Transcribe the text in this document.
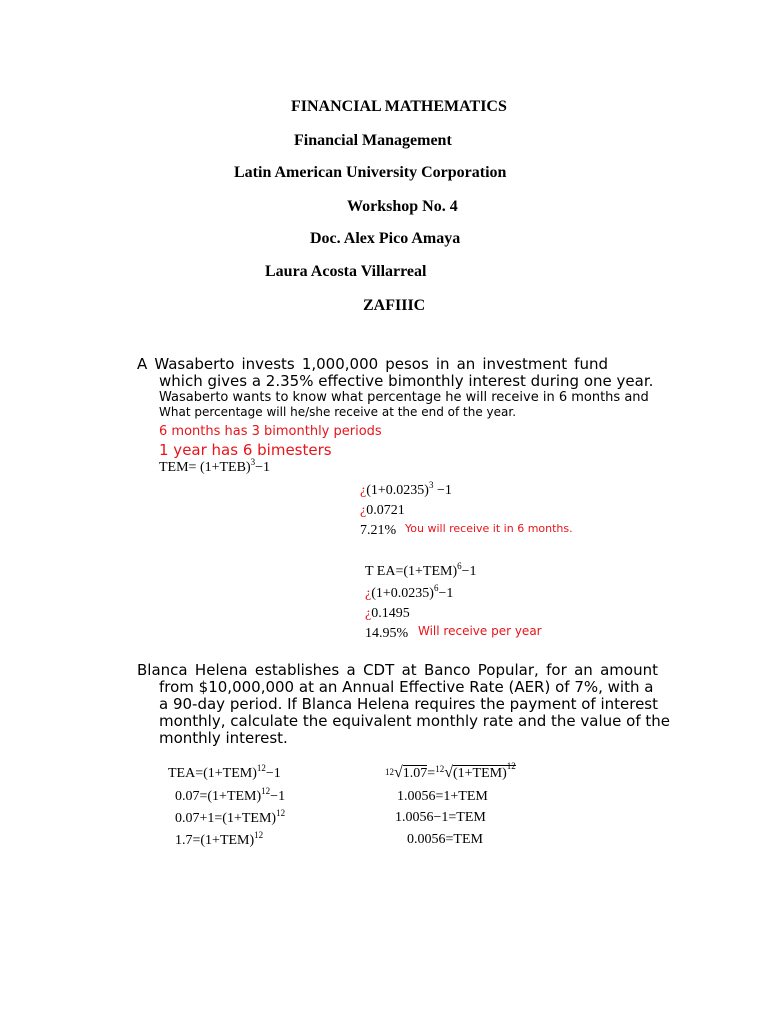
FINANCIAL MATHEMATICS
Financial Management
Latin American University Corporation
Workshop No. 4
Doc. Alex Pico Amaya
Laura Acosta Villarreal
ZAFIIIC
A Wasaberto invests 1,000,000 pesos in an investment fund
which gives a 2.35% effective bimonthly interest during one year.
Wasaberto wants to know what percentage he will receive in 6 months and
What percentage will he/she receive at the end of the year.
6 months has 3 bimonthly periods
1 year has 6 bimesters
$TEM= (1+TEB)^3-1$
¿$(1+0.0235)^3 -1$
¿0.0721
7.21% You will receive it in 6 months.
T $EA=(1+TEM)^6-1$
¿$(1+0.0235)^6-1$
¿0.1495
14.95% Will receive per year
Blanca Helena establishes a CDT at Banco Popular, for an amount
from $10,000,000 at an Annual Effective Rate (AER) of 7%, with a
a 90-day period. If Blanca Helena requires the payment of interest
monthly, calculate the equivalent monthly rate and the value of the
monthly interest.
$TEA=(1+TEM)^{12}-1$
$0.07=(1+TEM)^{12}-1$
$0.07+1=(1+TEM)^{12}$
$1.7=(1+TEM)^{12}$
$12√1.07=^{12}√(1+TEM)^{12}$
1.0056=1+TEM
1.0056−1=TEM
0.0056=TEM
